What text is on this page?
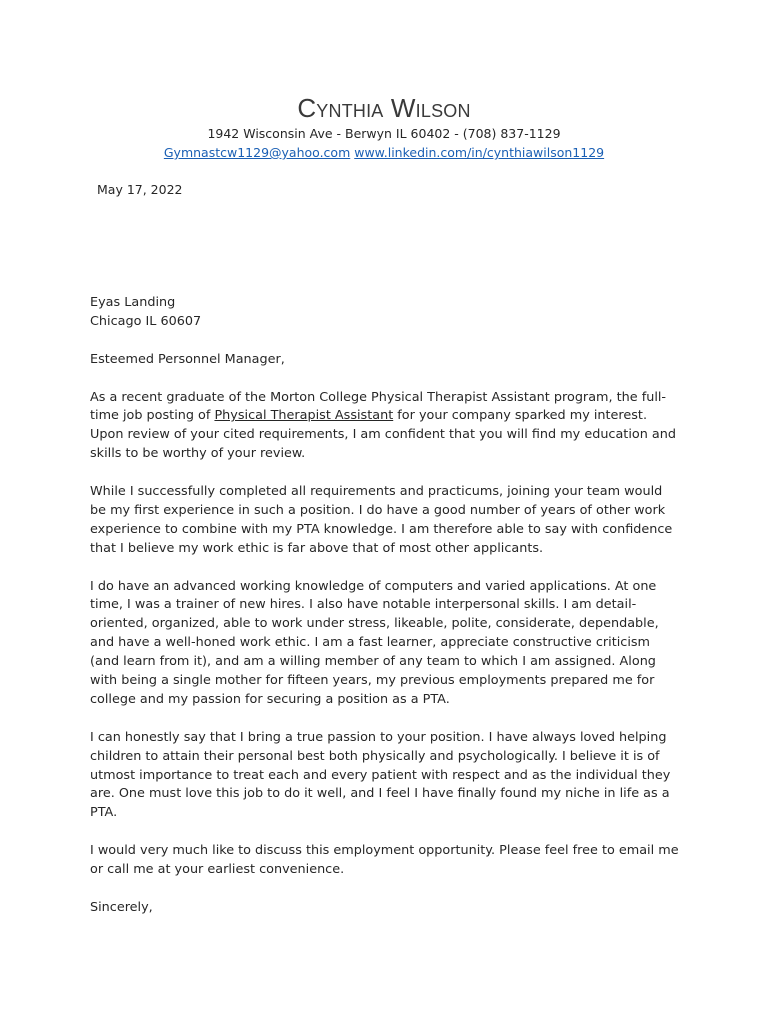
Cynthia Wilson
1942 Wisconsin Ave - Berwyn IL 60402 - (708) 837-1129
Gymnastcw1129@yahoo.com www.linkedin.com/in/cynthiawilson1129
May 17, 2022

Eyas Landing
Chicago IL 60607

Esteemed Personnel Manager,

As a recent graduate of the Morton College Physical Therapist Assistant program, the full-time job posting of Physical Therapist Assistant for your company sparked my interest. Upon review of your cited requirements, I am confident that you will find my education and skills to be worthy of your review.

While I successfully completed all requirements and practicums, joining your team would be my first experience in such a position. I do have a good number of years of other work experience to combine with my PTA knowledge. I am therefore able to say with confidence that I believe my work ethic is far above that of most other applicants.

I do have an advanced working knowledge of computers and varied applications. At one time, I was a trainer of new hires. I also have notable interpersonal skills. I am detail-oriented, organized, able to work under stress, likeable, polite, considerate, dependable, and have a well-honed work ethic. I am a fast learner, appreciate constructive criticism (and learn from it), and am a willing member of any team to which I am assigned. Along with being a single mother for fifteen years, my previous employments prepared me for college and my passion for securing a position as a PTA.

I can honestly say that I bring a true passion to your position. I have always loved helping children to attain their personal best both physically and psychologically. I believe it is of utmost importance to treat each and every patient with respect and as the individual they are. One must love this job to do it well, and I feel I have finally found my niche in life as a PTA.

I would very much like to discuss this employment opportunity. Please feel free to email me or call me at your earliest convenience.

Sincerely,
